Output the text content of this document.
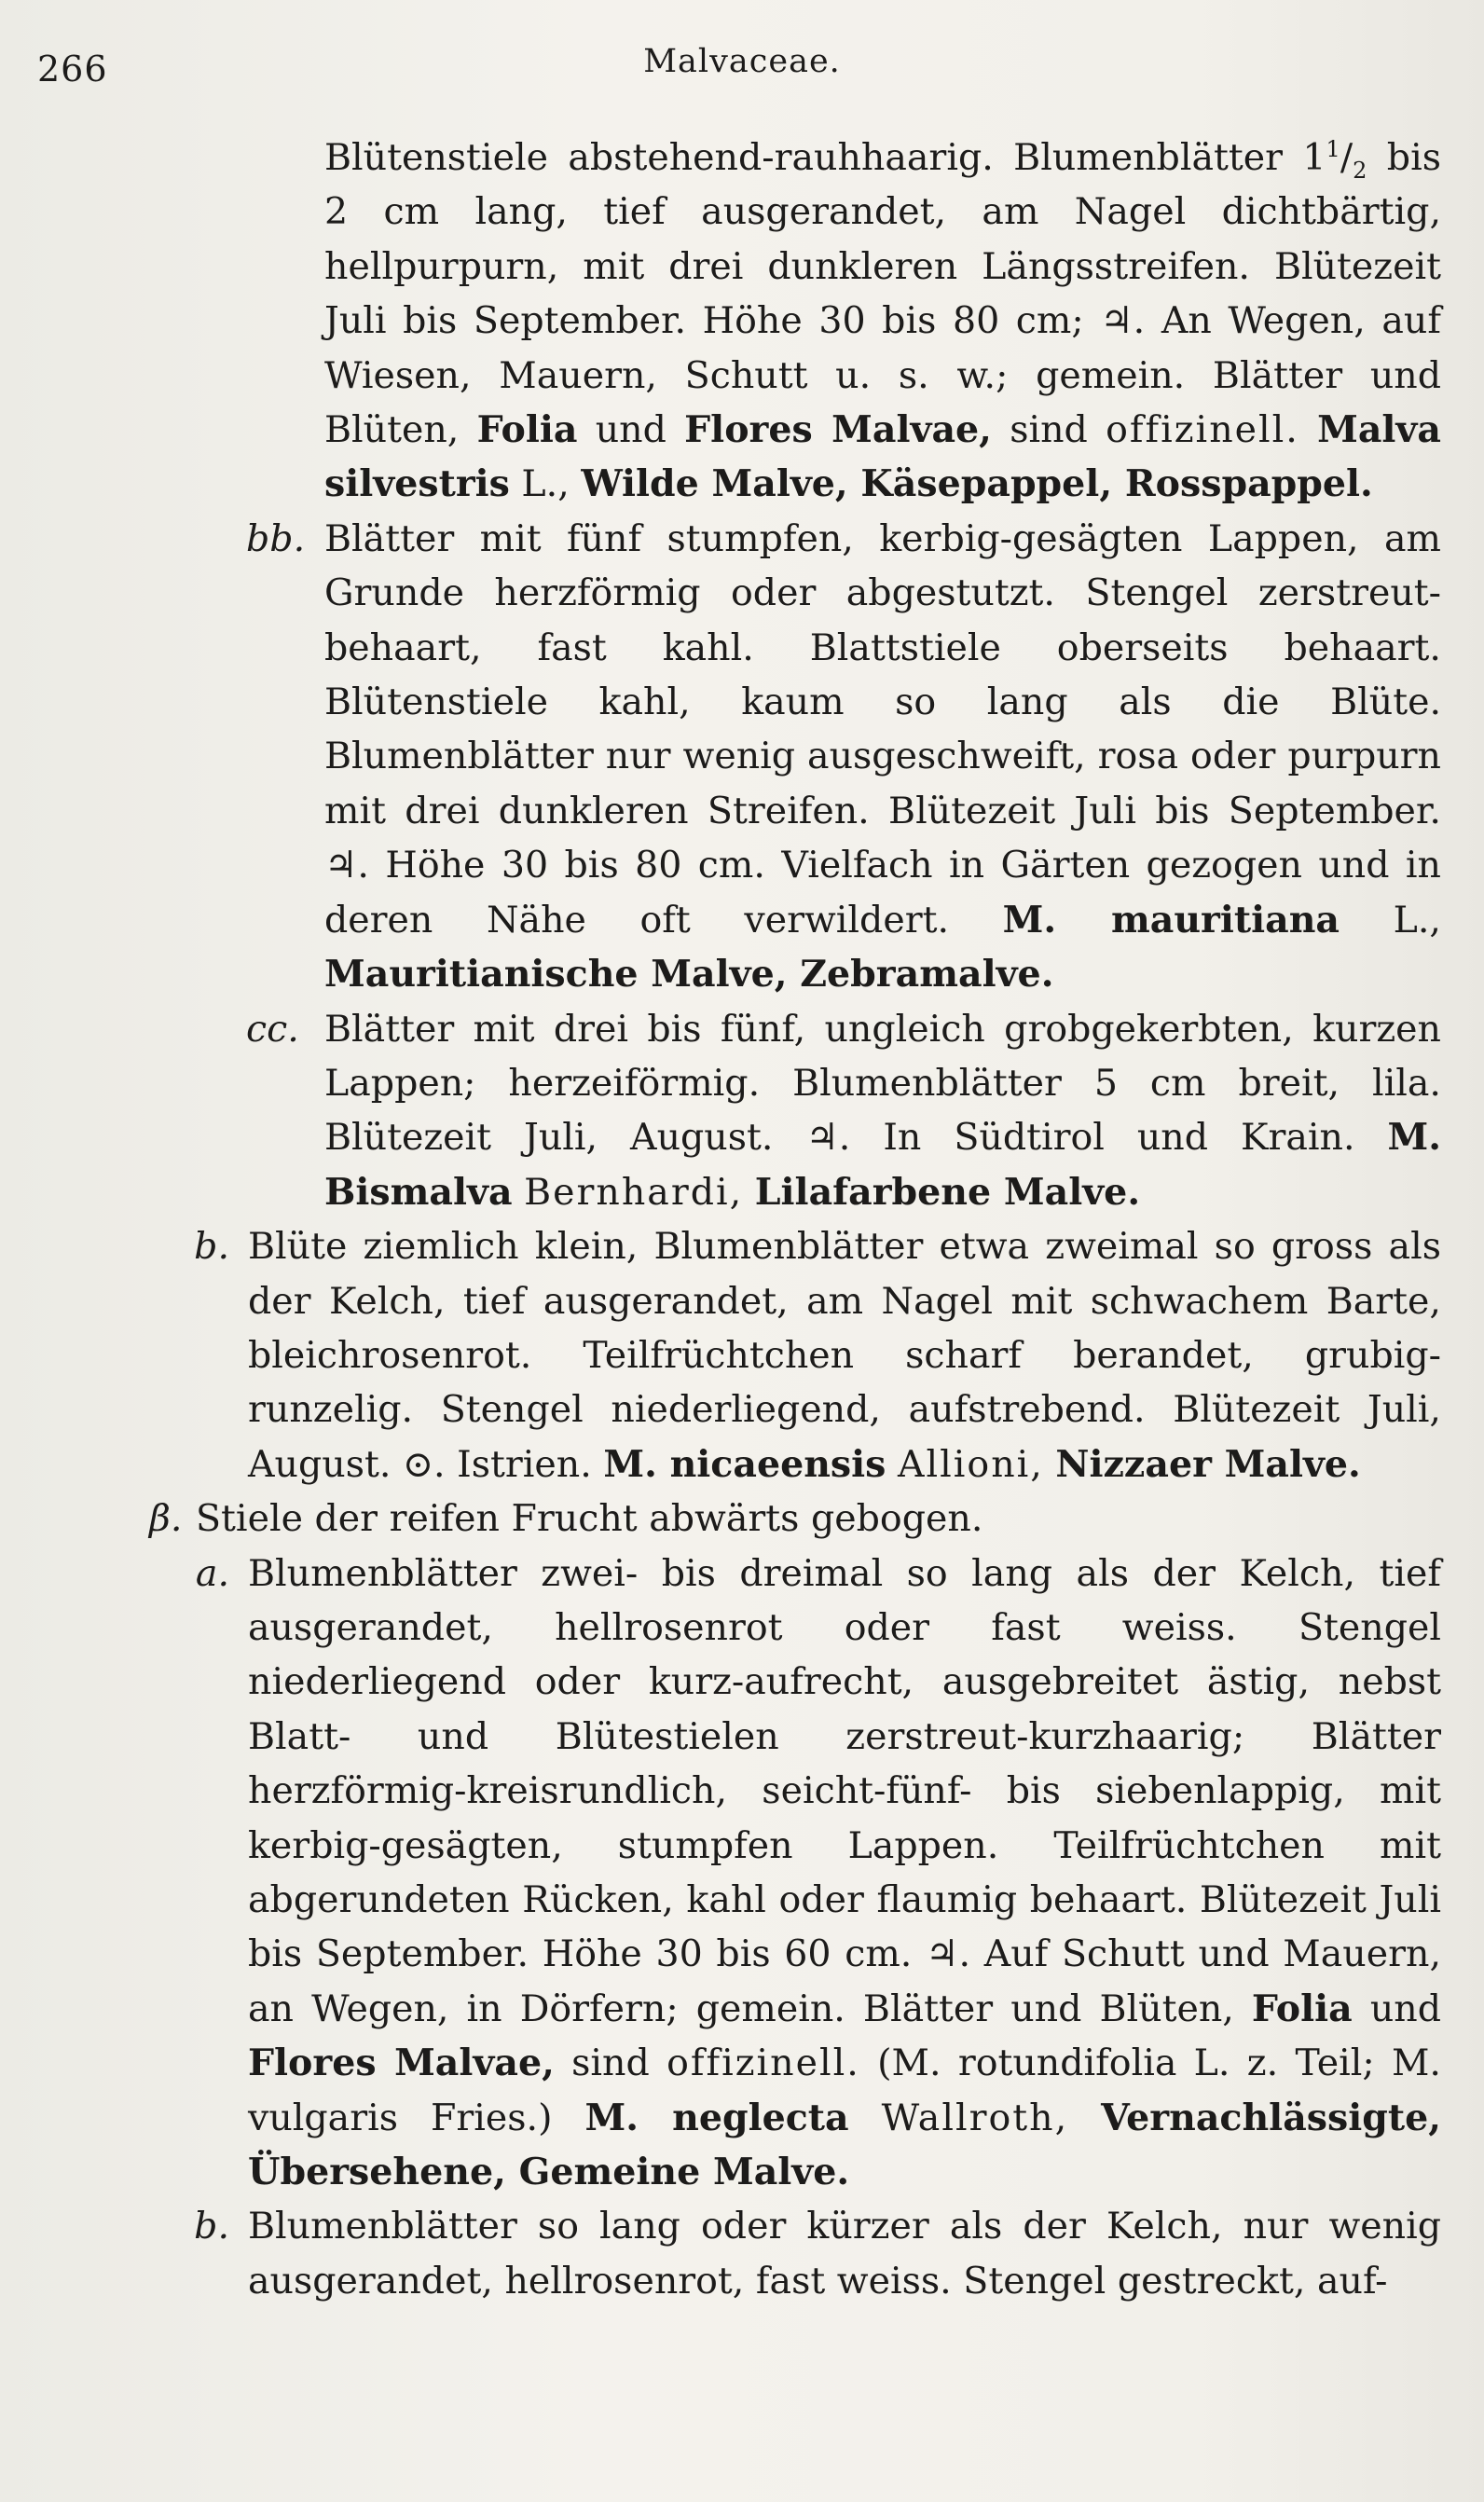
266	Malvaceae.
Blütenstiele abstehend-rauhhaarig. Blumenblätter $1^1/_2$ bis 2 cm lang, tief ausgerandet, am Nagel dichtbärtig, hellpurpurn, mit drei dunkleren Längsstreifen. Blütezeit Juli bis September. Höhe 30 bis 80 cm; ♃. An Wegen, auf Wiesen, Mauern, Schutt u. s. w.; gemein. Blätter und Blüten, Folia und Flores Malvae, sind offizinell. Malva silvestris L., Wilde Malve, Käsepappel, Rosspappel.
bb. Blätter mit fünf stumpfen, kerbig-gesägten Lappen, am Grunde herzförmig oder abgestutzt. Stengel zerstreut-behaart, fast kahl. Blattstiele oberseits behaart. Blütenstiele kahl, kaum so lang als die Blüte. Blumenblätter nur wenig ausgeschweift, rosa oder purpurn mit drei dunkleren Streifen. Blütezeit Juli bis September. ♃. Höhe 30 bis 80 cm. Vielfach in Gärten gezogen und in deren Nähe oft verwildert. M. mauritiana L., Mauritianische Malve, Zebramalve.
cc. Blätter mit drei bis fünf, ungleich grobgekerbten, kurzen Lappen; herzeiförmig. Blumenblätter 5 cm breit, lila. Blütezeit Juli, August. ♃. In Südtirol und Krain. M. Bismalva Bernhardi, Lilafarbene Malve.
b. Blüte ziemlich klein, Blumenblätter etwa zweimal so gross als der Kelch, tief ausgerandet, am Nagel mit schwachem Barte, bleichrosenrot. Teilfrüchtchen scharf berandet, grubig-runzelig. Stengel niederliegend, aufstrebend. Blütezeit Juli, August. ⊙. Istrien. M. nicaeensis Allioni, Nizzaer Malve.
β. Stiele der reifen Frucht abwärts gebogen.
a. Blumenblätter zwei- bis dreimal so lang als der Kelch, tief ausgerandet, hellrosenrot oder fast weiss. Stengel niederliegend oder kurz-aufrecht, ausgebreitet ästig, nebst Blatt- und Blütestielen zerstreut-kurzhaarig; Blätter herzförmig-kreisrundlich, seicht-fünf- bis siebenlappig, mit kerbig-gesägten, stumpfen Lappen. Teilfrüchtchen mit abgerundeten Rücken, kahl oder flaumig behaart. Blütezeit Juli bis September. Höhe 30 bis 60 cm. ♃. Auf Schutt und Mauern, an Wegen, in Dörfern; gemein. Blätter und Blüten, Folia und Flores Malvae, sind offizinell. (M. rotundifolia L. z. Teil; M. vulgaris Fries.) M. neglecta Wallroth, Vernachlässigte, Übersehene, Gemeine Malve.
b. Blumenblätter so lang oder kürzer als der Kelch, nur wenig ausgerandet, hellrosenrot, fast weiss. Stengel gestreckt, auf-
